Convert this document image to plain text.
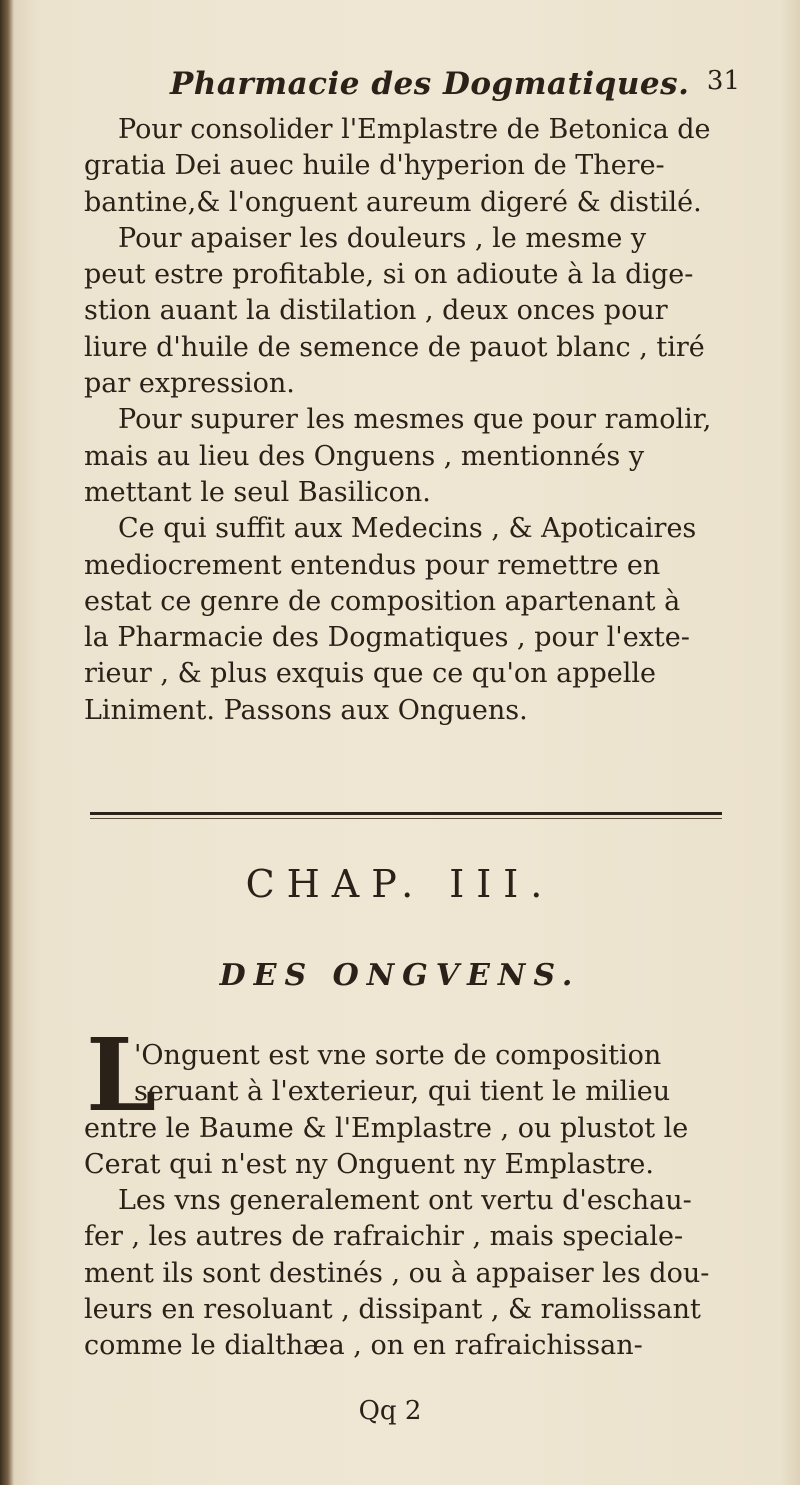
Pharmacie des Dogmatiques. 31
Pour consolider l'Emplastre de Betonica de
gratia Dei auec huile d'hyperion de There-
bantine,& l'onguent aureum digeré & distilé.
Pour apaiser les douleurs , le mesme y
peut estre profitable, si on adioute à la dige-
stion auant la distilation , deux onces pour
liure d'huile de semence de pauot blanc , tiré
par expression.
Pour supurer les mesmes que pour ramolir,
mais au lieu des Onguens , mentionnés y
mettant le seul Basilicon.
Ce qui suffit aux Medecins , & Apoticaires
mediocrement entendus pour remettre en
estat ce genre de composition apartenant à
la Pharmacie des Dogmatiques , pour l'exte-
rieur , & plus exquis que ce qu'on appelle
Liniment. Passons aux Onguens.
CHAP. III.
DES ONGVENS.
L
'Onguent est vne sorte de composition
seruant à l'exterieur, qui tient le milieu
entre le Baume & l'Emplastre , ou plustot le
Cerat qui n'est ny Onguent ny Emplastre.
Les vns generalement ont vertu d'eschau-
fer , les autres de rafraichir , mais speciale-
ment ils sont destinés , ou à appaiser les dou-
leurs en resoluant , dissipant , & ramolissant
comme le dialthæa , on en rafraichissan-
Qq 2
